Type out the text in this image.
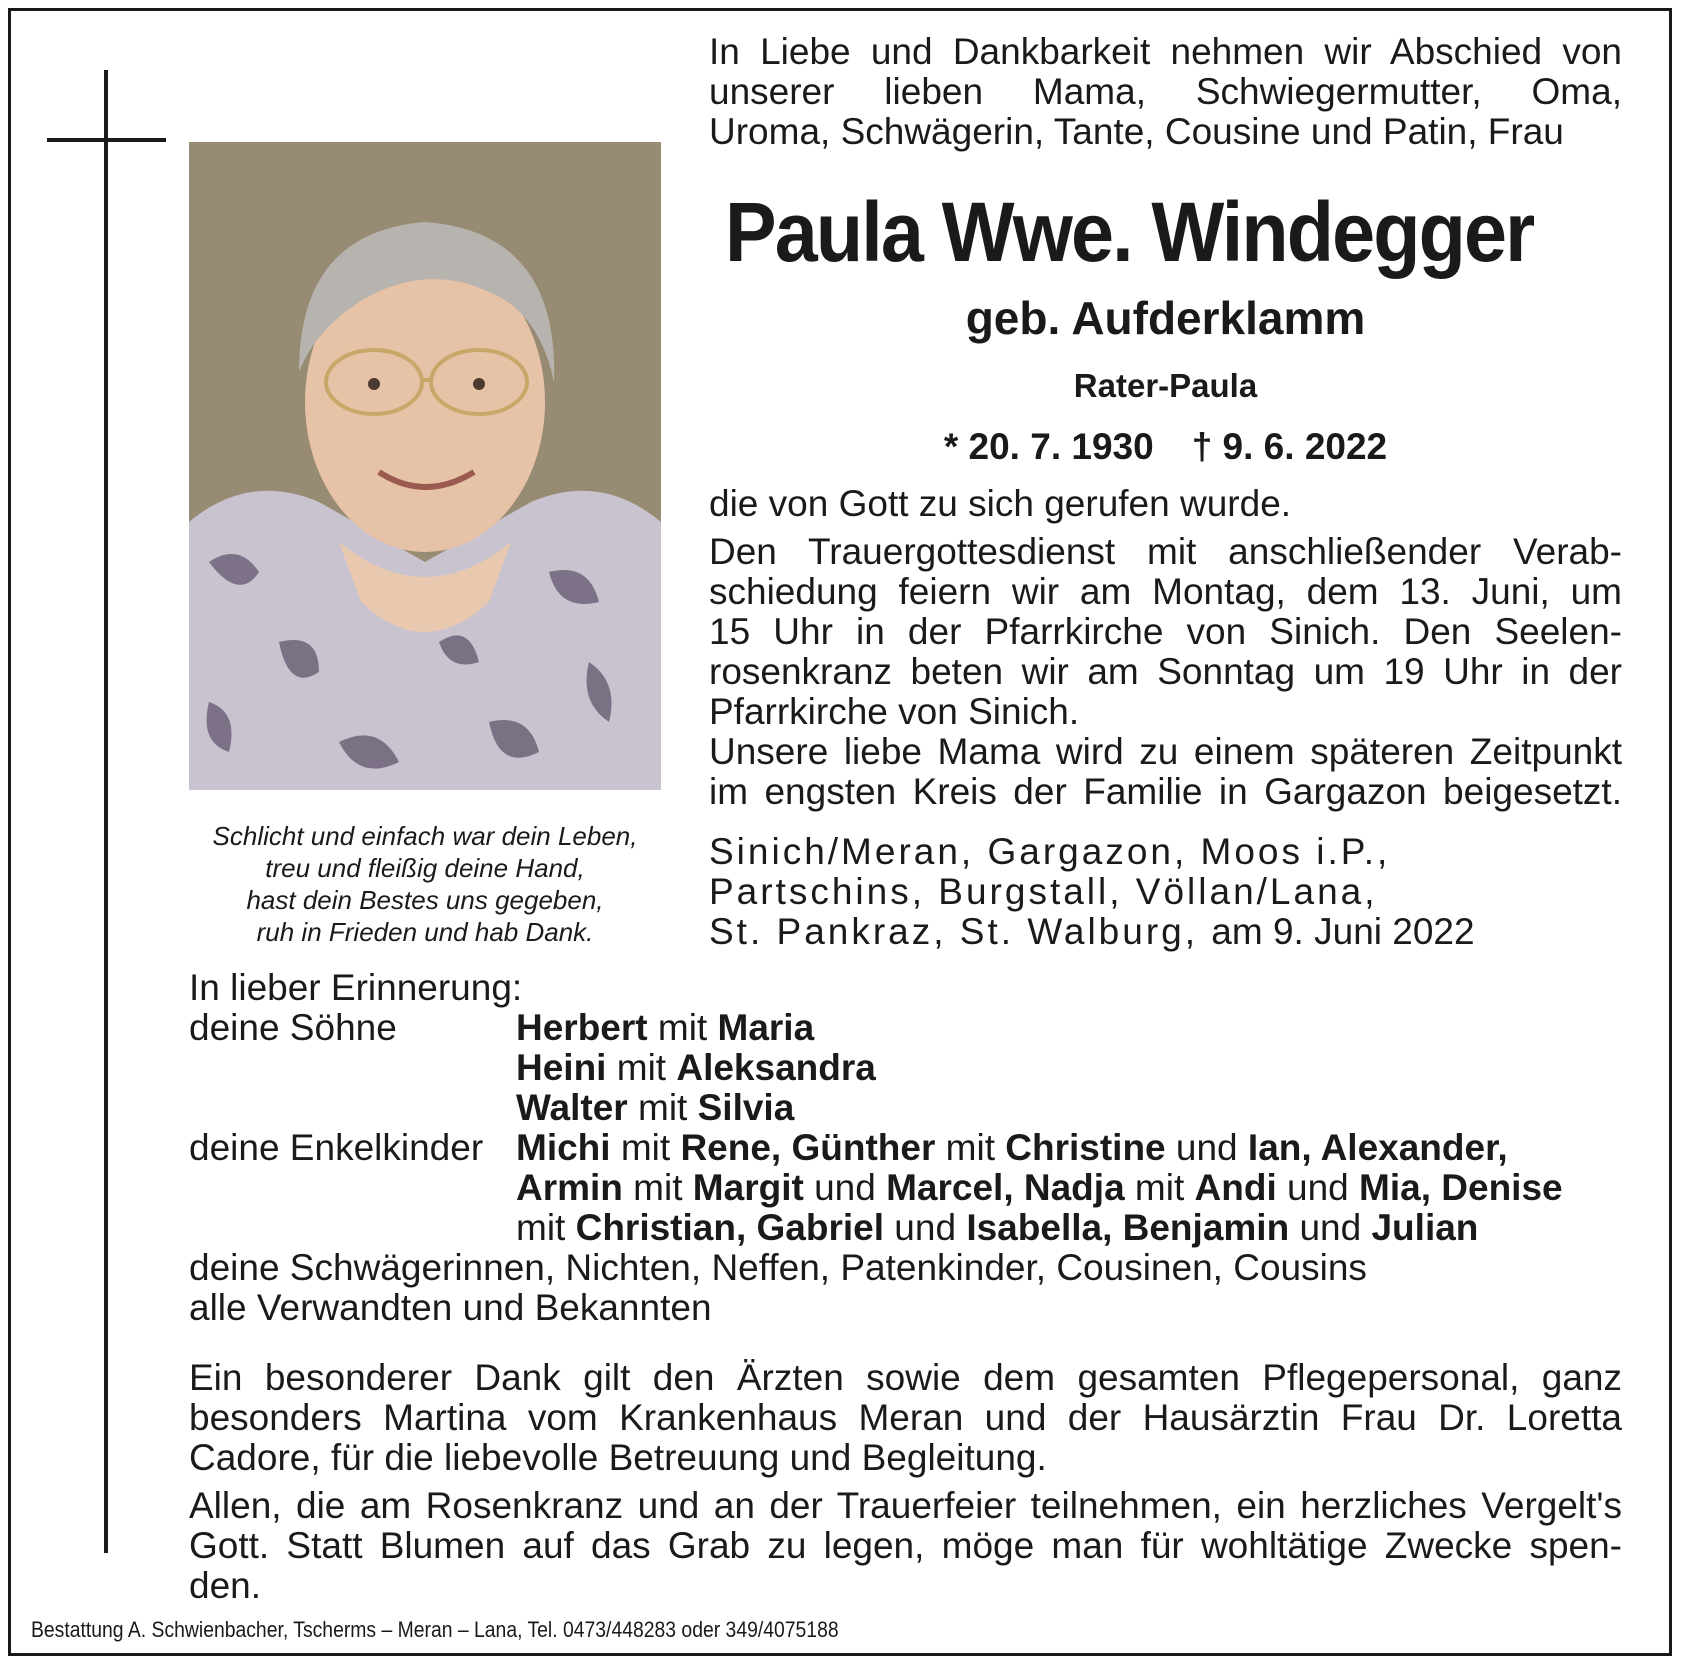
Schlicht und einfach war dein Leben,
treu und fleißig deine Hand,
hast dein Bestes uns gegeben,
ruh in Frieden und hab Dank.
In Liebe und Dankbarkeit nehmen wir Abschied von
unserer lieben Mama, Schwiegermutter, Oma,
Uroma, Schwägerin, Tante, Cousine und Patin, Frau
Paula Wwe. Windegger
geb. Aufderklamm
Rater-Paula
* 20. 7. 1930 † 9. 6. 2022
die von Gott zu sich gerufen wurde.
Den Trauergottesdienst mit anschließender Verab-
schiedung feiern wir am Montag, dem 13. Juni, um
15 Uhr in der Pfarrkirche von Sinich. Den Seelen-
rosenkranz beten wir am Sonntag um 19 Uhr in der
Pfarrkirche von Sinich.
Unsere liebe Mama wird zu einem späteren Zeitpunkt
im engsten Kreis der Familie in Gargazon beigesetzt.
Sinich/Meran, Gargazon, Moos i.P.,
Partschins, Burgstall, Völlan/Lana,
St. Pankraz, St. Walburg, am 9. Juni 2022
In lieber Erinnerung:
deine Söhne	Herbert mit Maria
Heini mit Aleksandra
Walter mit Silvia
deine Enkelkinder Michi mit Rene, Günther mit Christine und Ian, Alexander,
Armin mit Margit und Marcel, Nadja mit Andi und Mia, Denise
mit Christian, Gabriel und Isabella, Benjamin und Julian
deine Schwägerinnen, Nichten, Neffen, Patenkinder, Cousinen, Cousins
alle Verwandten und Bekannten
Ein besonderer Dank gilt den Ärzten sowie dem gesamten Pflegepersonal, ganz
besonders Martina vom Krankenhaus Meran und der Hausärztin Frau Dr. Loretta
Cadore, für die liebevolle Betreuung und Begleitung.
Allen, die am Rosenkranz und an der Trauerfeier teilnehmen, ein herzliches Vergelt's
Gott. Statt Blumen auf das Grab zu legen, möge man für wohltätige Zwecke spen-
den.
Bestattung A. Schwienbacher, Tscherms – Meran – Lana, Tel. 0473/448283 oder 349/4075188
